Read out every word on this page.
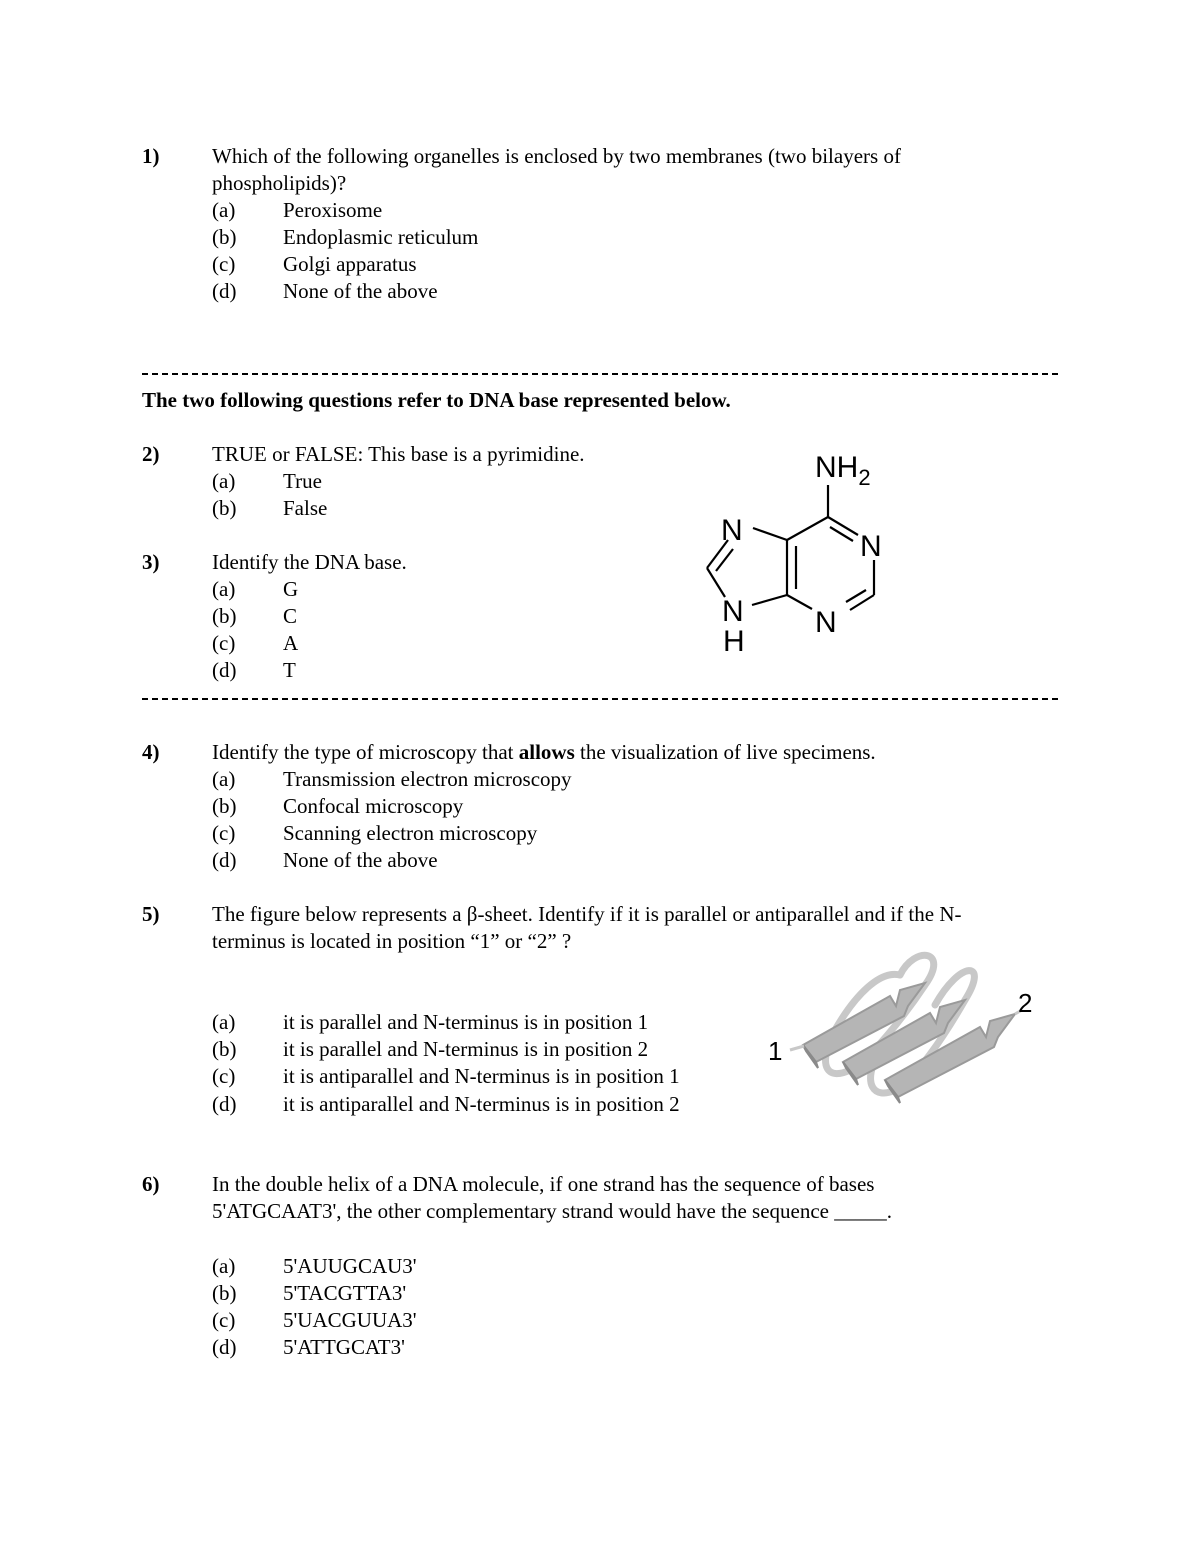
1)	Which of the following organelles is enclosed by two membranes (two bilayers of
phospholipids)?
(a) Peroxisome
(b) Endoplasmic reticulum
(c) Golgi apparatus
(d) None of the above
The two following questions refer to DNA base represented below.
2)	TRUE or FALSE: This base is a pyrimidine.
(a) True
(b) False
3)	Identify the DNA base.
(a) G
(b) C
(c) A
(d) T
$NH_2$
N	N
N
H
N
4)	Identify the type of microscopy that allows the visualization of live specimens.
(a) Transmission electron microscopy
(b) Confocal microscopy
(c) Scanning electron microscopy
(d) None of the above
5)	The figure below represents a β-sheet. Identify if it is parallel or antiparallel and if the N-
terminus is located in position “1” or “2” ?
(a) it is parallel and N-terminus is in position 1
(b) it is parallel and N-terminus is in position 2
(c) it is antiparallel and N-terminus is in position 1
(d) it is antiparallel and N-terminus is in position 2
1
2
6)	In the double helix of a DNA molecule, if one strand has the sequence of bases
5'ATGCAAT3', the other complementary strand would have the sequence _____.
(a) 5'AUUGCAU3'
(b) 5'TACGTTA3'
(c) 5'UACGUUA3'
(d) 5'ATTGCAT3'
